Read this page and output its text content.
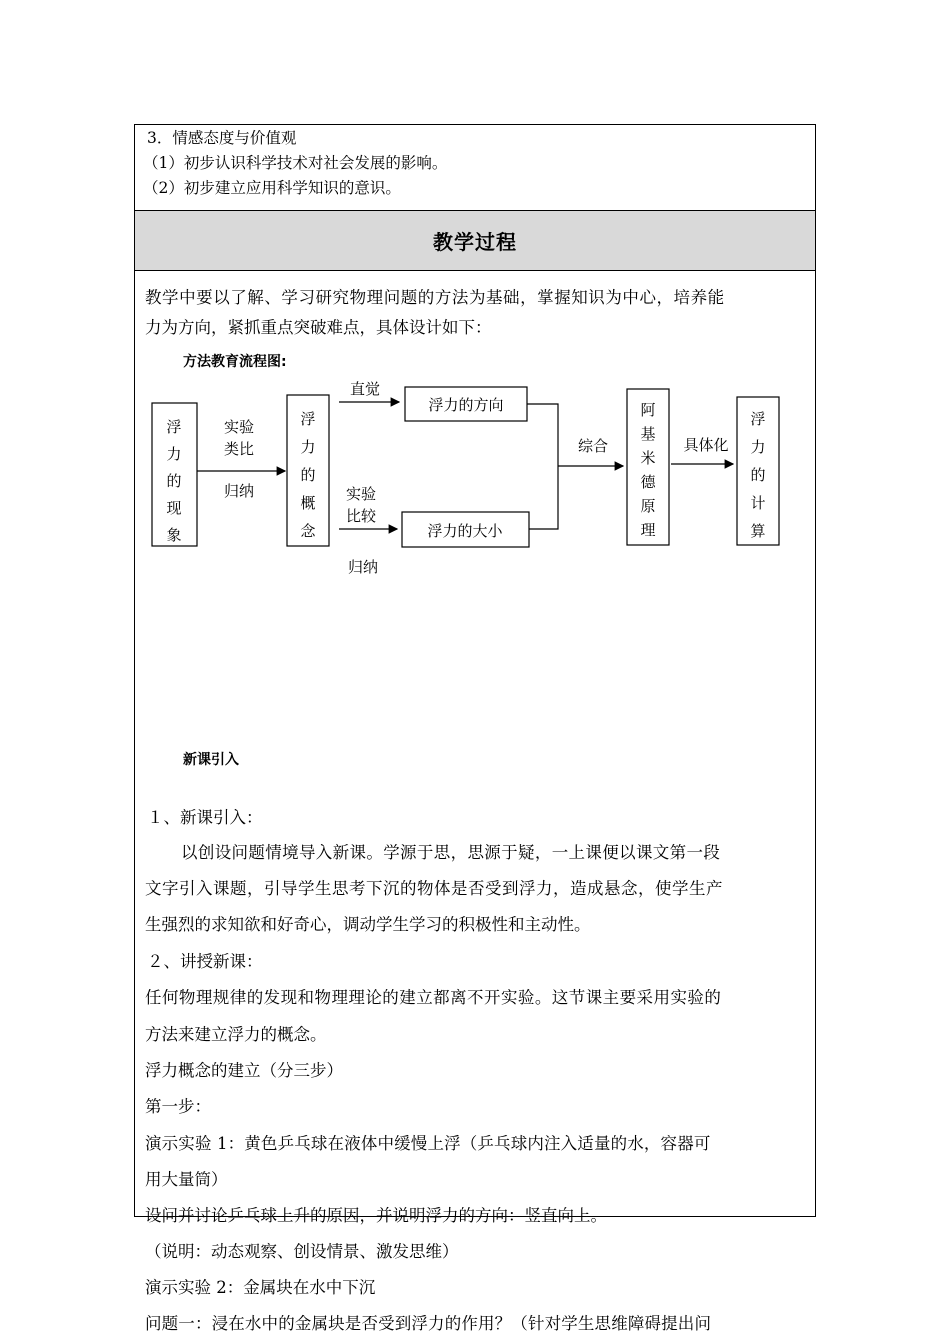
3．情感态度与价值观
（1）初步认识科学技术对社会发展的影响。
（2）初步建立应用科学知识的意识。
教学过程
教学中要以了解、学习研究物理问题的方法为基础，掌握知识为中心，培养能
力为方向，紧抓重点突破难点，具体设计如下：
方法教育流程图:
浮
力
的
现
象
实验
类比
归纳
浮
力
的
概
念
直觉
浮力的方向
实验
比较
归纳
浮力的大小
综合
阿
基
米
德
原
理
具体化
浮
力
的
计
算
新课引入
１、新课引入：
以创设问题情境导入新课。学源于思，思源于疑，一上课便以课文第一段
文字引入课题，引导学生思考下沉的物体是否受到浮力，造成悬念，使学生产
生强烈的求知欲和好奇心，调动学生学习的积极性和主动性。
２、讲授新课：
任何物理规律的发现和物理理论的建立都离不开实验。这节课主要采用实验的
方法来建立浮力的概念。
浮力概念的建立（分三步）
第一步：
演示实验 1：黄色乒乓球在液体中缓慢上浮（乒乓球内注入适量的水，容器可
用大量筒）
设问并讨论乒乓球上升的原因，并说明浮力的方向：竖直向上。
（说明：动态观察、创设情景、激发思维）
演示实验 2：金属块在水中下沉
问题一：浸在水中的金属块是否受到浮力的作用？（针对学生思维障碍提出问
